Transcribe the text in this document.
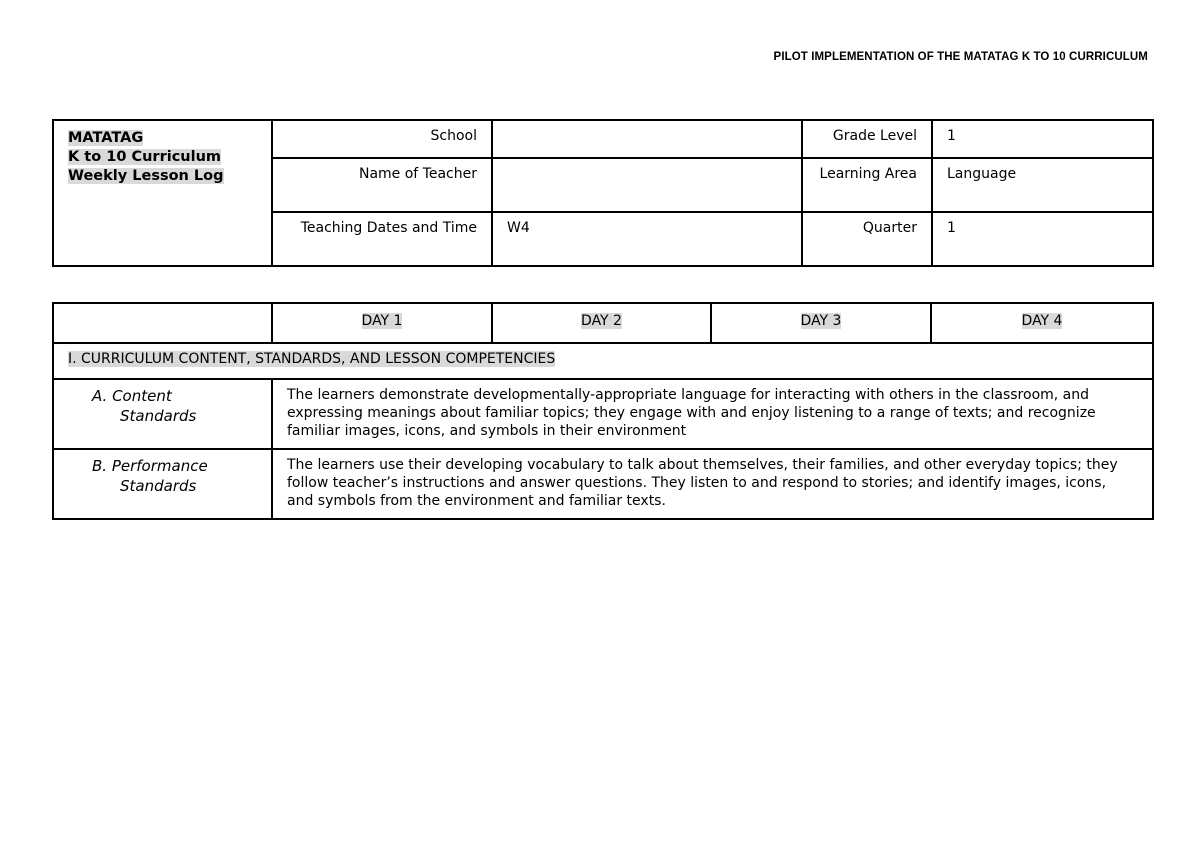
PILOT IMPLEMENTATION OF THE MATATAG K TO 10 CURRICULUM
MATATAG
K to 10 Curriculum
Weekly Lesson Log	School		Grade Level	1
	Name of Teacher		Learning Area	Language
	Teaching Dates and Time	W4	Quarter	1
	DAY 1	DAY 2	DAY 3	DAY 4
I. CURRICULUM CONTENT, STANDARDS, AND LESSON COMPETENCIES				

A. Content
Standards	The learners demonstrate developmentally-appropriate language for interacting with others in the classroom, and expressing meanings about familiar topics; they engage with and enjoy listening to a range of texts; and recognize familiar images, icons, and symbols in their environment			

B. Performance
Standards	The learners use their developing vocabulary to talk about themselves, their families, and other everyday topics; they follow teacher’s instructions and answer questions. They listen to and respond to stories; and identify images, icons, and symbols from the environment and familiar texts.			
